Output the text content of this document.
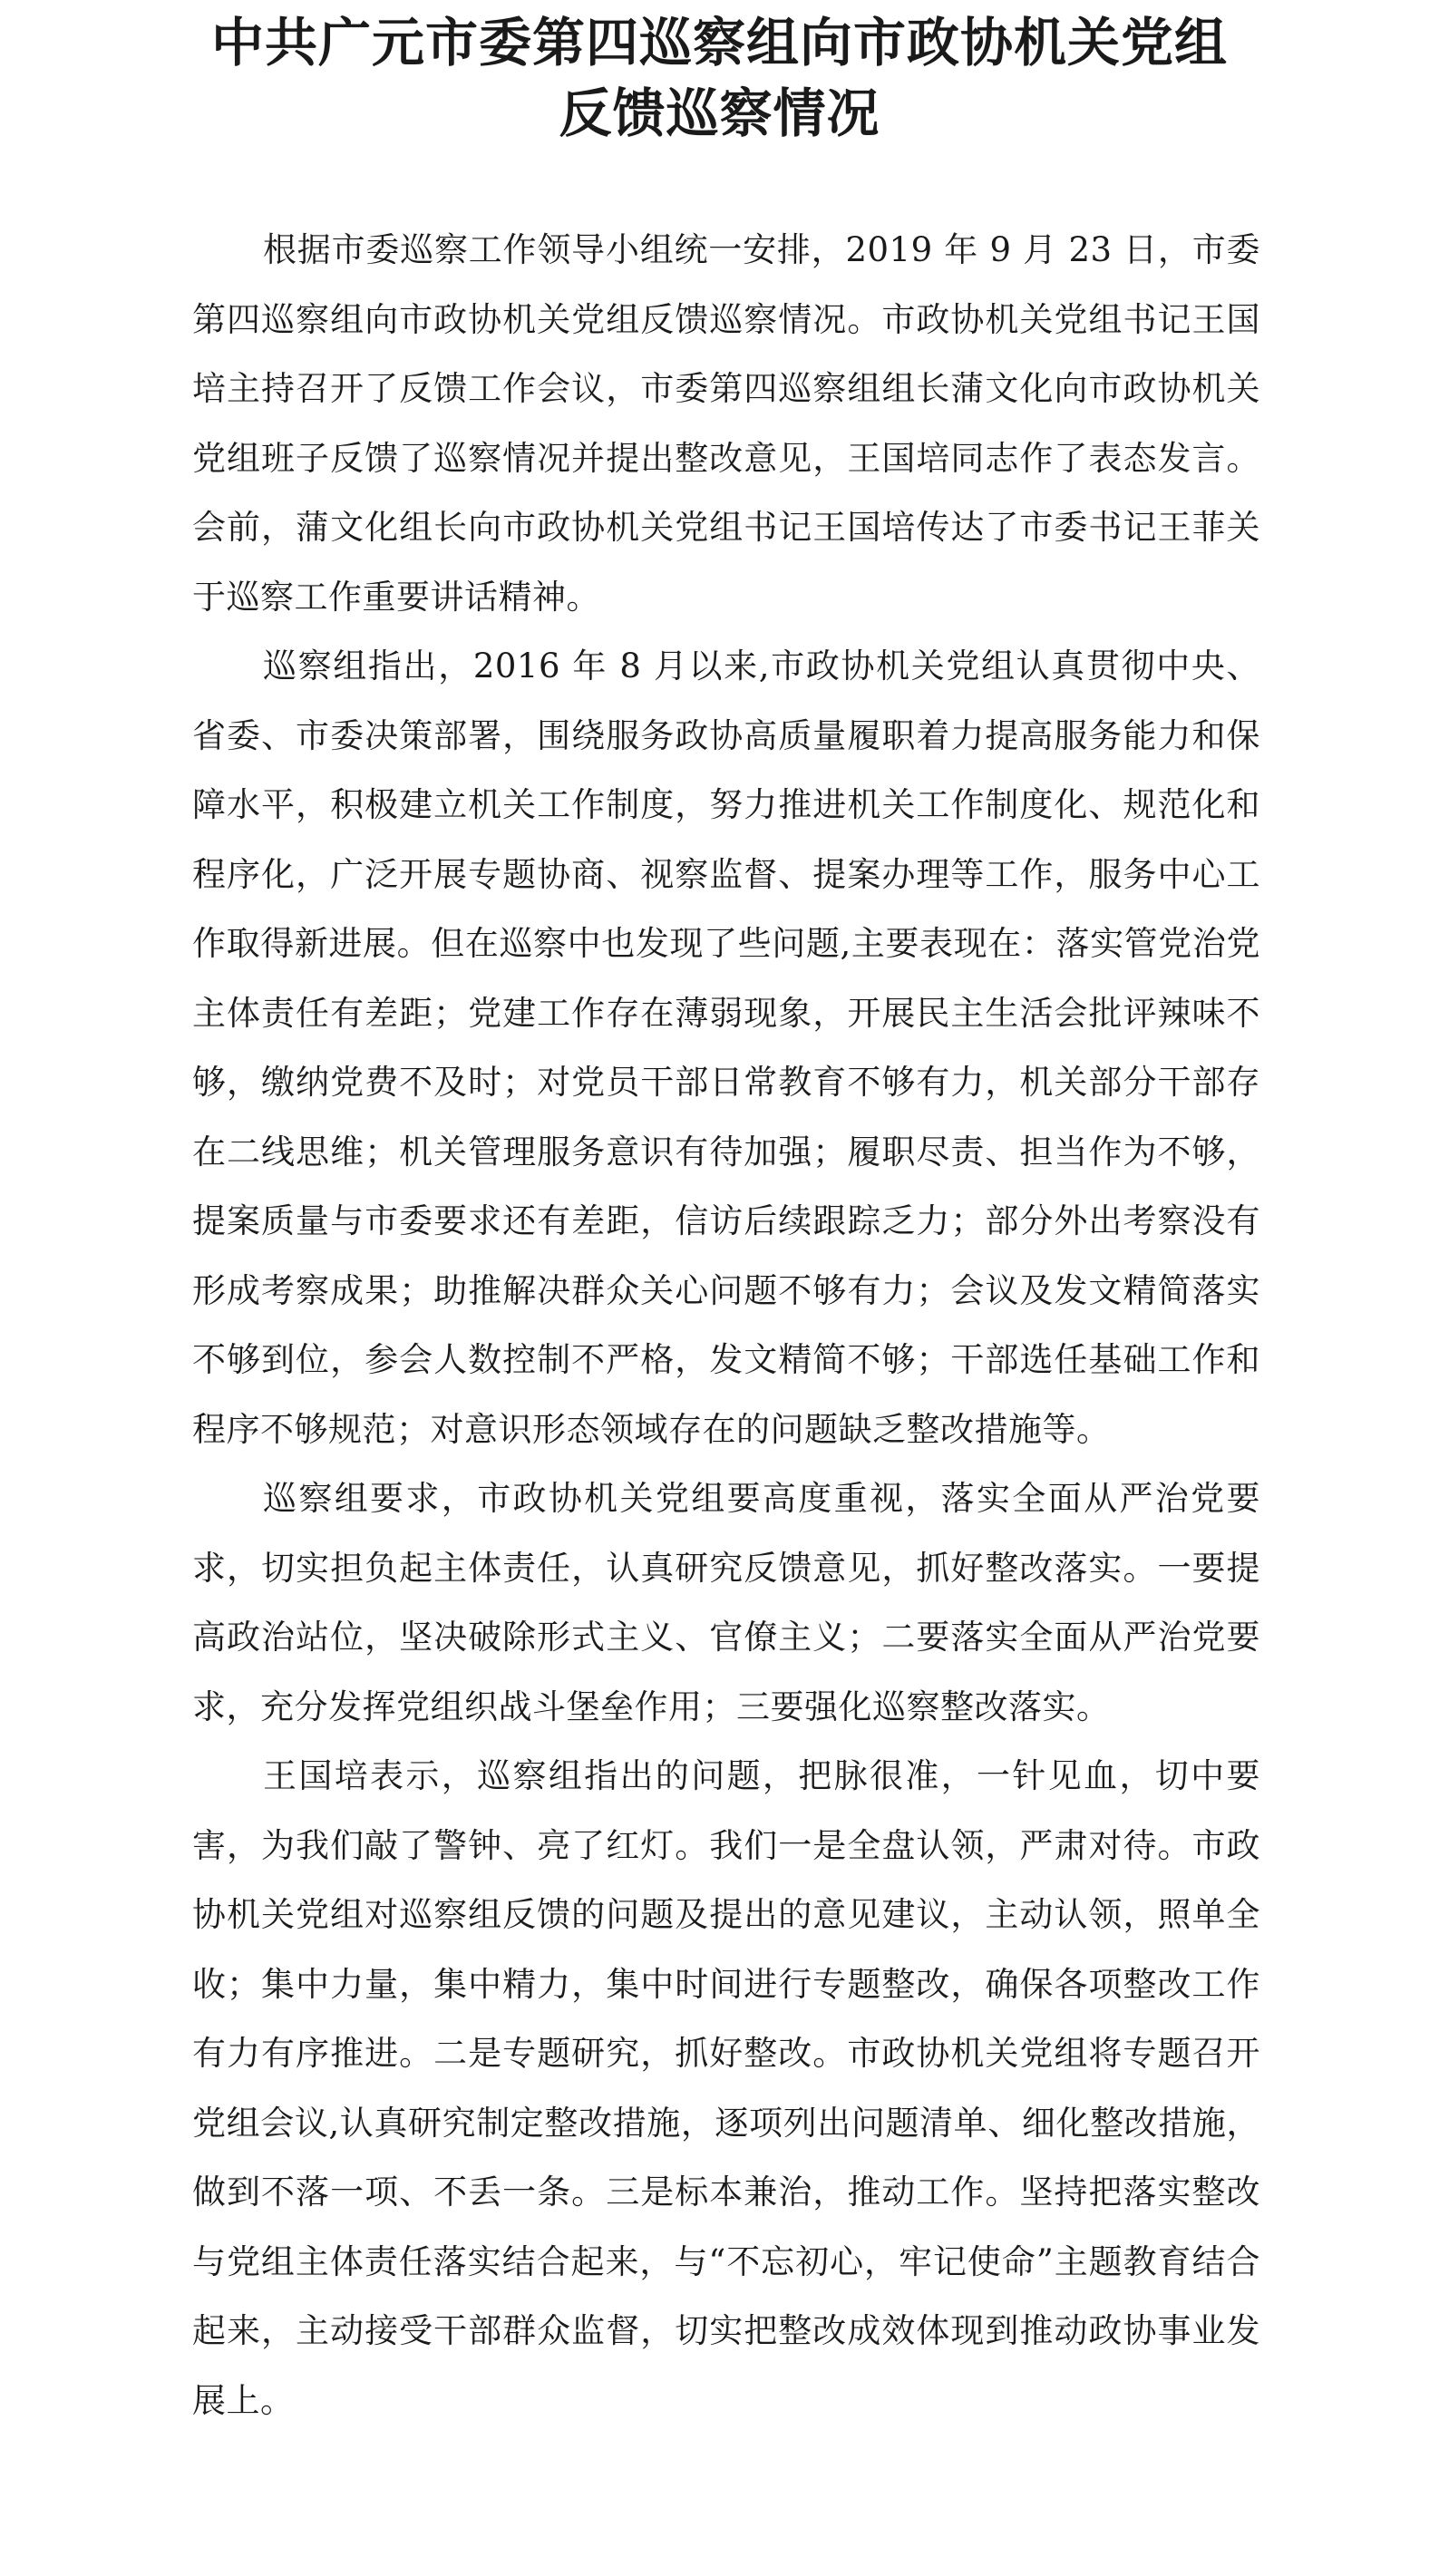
中共广元市委第四巡察组向市政协机关党组
反馈巡察情况

根据市委巡察工作领导小组统一安排，2019 年 9 月 23 日，市委第四巡察组向市政协机关党组反馈巡察情况。市政协机关党组书记王国培主持召开了反馈工作会议，市委第四巡察组组长蒲文化向市政协机关党组班子反馈了巡察情况并提出整改意见，王国培同志作了表态发言。会前，蒲文化组长向市政协机关党组书记王国培传达了市委书记王菲关于巡察工作重要讲话精神。

巡察组指出，2016 年 8 月以来,市政协机关党组认真贯彻中央、省委、市委决策部署，围绕服务政协高质量履职着力提高服务能力和保障水平，积极建立机关工作制度，努力推进机关工作制度化、规范化和程序化，广泛开展专题协商、视察监督、提案办理等工作，服务中心工作取得新进展。但在巡察中也发现了些问题,主要表现在：落实管党治党主体责任有差距；党建工作存在薄弱现象，开展民主生活会批评辣味不够，缴纳党费不及时；对党员干部日常教育不够有力，机关部分干部存在二线思维；机关管理服务意识有待加强；履职尽责、担当作为不够，提案质量与市委要求还有差距，信访后续跟踪乏力；部分外出考察没有形成考察成果；助推解决群众关心问题不够有力；会议及发文精简落实不够到位，参会人数控制不严格，发文精简不够；干部选任基础工作和程序不够规范；对意识形态领域存在的问题缺乏整改措施等。

巡察组要求，市政协机关党组要高度重视，落实全面从严治党要求，切实担负起主体责任，认真研究反馈意见，抓好整改落实。一要提高政治站位，坚决破除形式主义、官僚主义；二要落实全面从严治党要求，充分发挥党组织战斗堡垒作用；三要强化巡察整改落实。

王国培表示，巡察组指出的问题，把脉很准，一针见血，切中要害，为我们敲了警钟、亮了红灯。我们一是全盘认领，严肃对待。市政协机关党组对巡察组反馈的问题及提出的意见建议，主动认领，照单全收；集中力量，集中精力，集中时间进行专题整改，确保各项整改工作有力有序推进。二是专题研究，抓好整改。市政协机关党组将专题召开党组会议,认真研究制定整改措施，逐项列出问题清单、细化整改措施，做到不落一项、不丢一条。三是标本兼治，推动工作。坚持把落实整改与党组主体责任落实结合起来，与“不忘初心，牢记使命”主题教育结合起来，主动接受干部群众监督，切实把整改成效体现到推动政协事业发展上。
